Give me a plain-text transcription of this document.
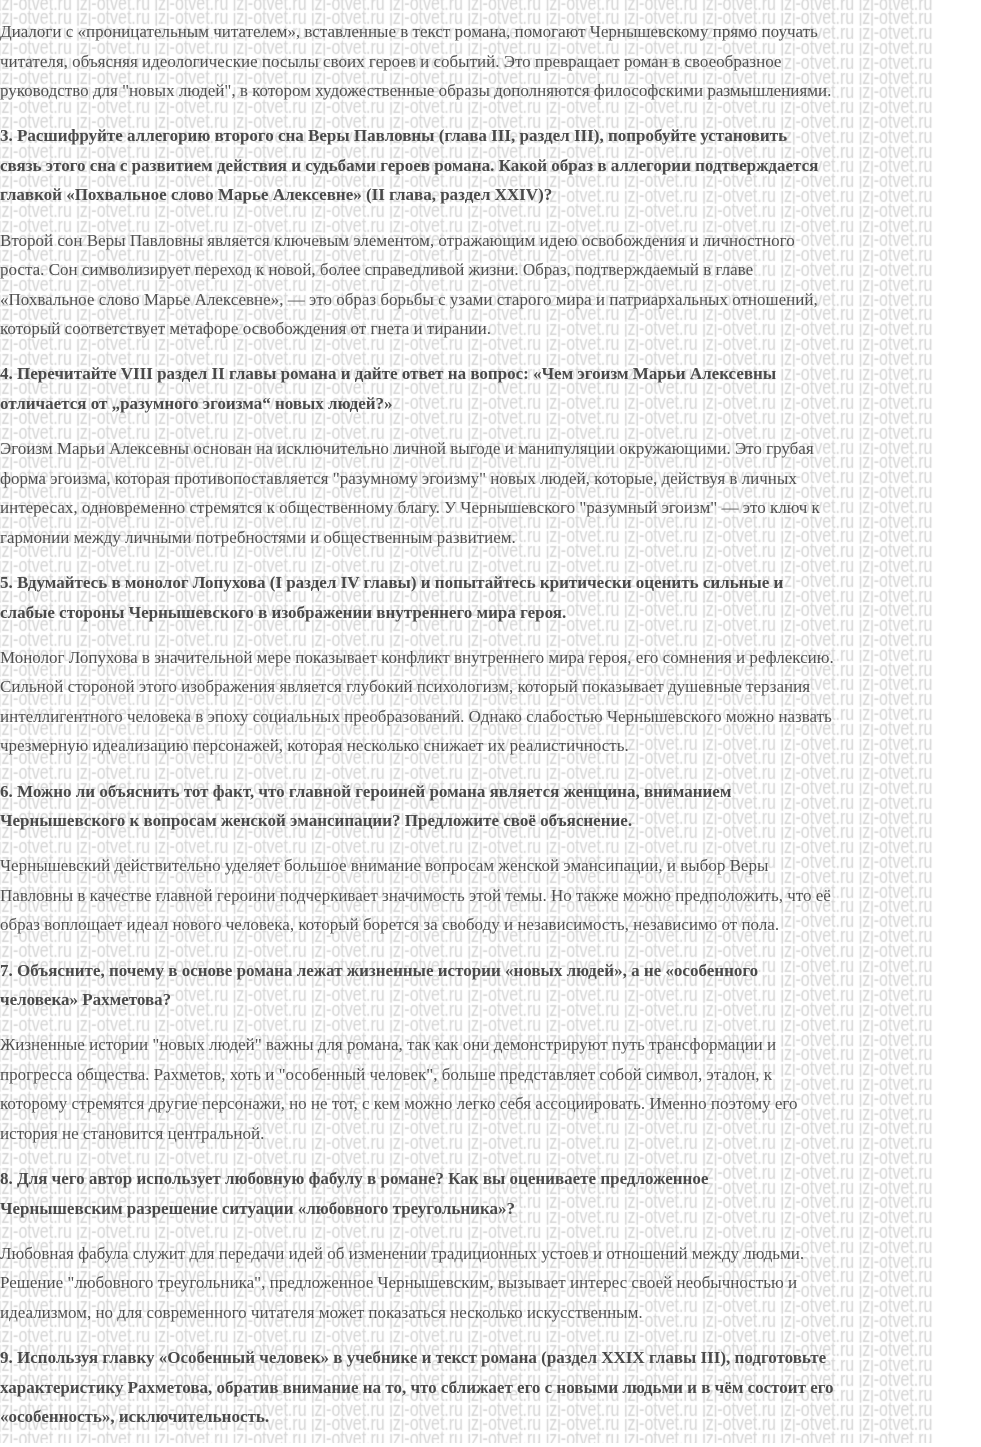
Диалоги с «проницательным читателем», вставленные в текст романа, помогают Чернышевскому прямо поучать
читателя, объясняя идеологические посылы своих героев и событий. Это превращает роман в своеобразное
руководство для "новых людей", в котором художественные образы дополняются философскими размышлениями.
3. Расшифруйте аллегорию второго сна Веры Павловны (глава III, раздел III), попробуйте установить
связь этого сна с развитием действия и судьбами героев романа. Какой образ в аллегории подтверждается
главкой «Похвальное слово Марье Алексевне» (II глава, раздел XXIV)?
Второй сон Веры Павловны является ключевым элементом, отражающим идею освобождения и личностного
роста. Сон символизирует переход к новой, более справедливой жизни. Образ, подтверждаемый в главе
«Похвальное слово Марье Алексевне», — это образ борьбы с узами старого мира и патриархальных отношений,
который соответствует метафоре освобождения от гнета и тирании.
4. Перечитайте VIII раздел II главы романа и дайте ответ на вопрос: «Чем эгоизм Марьи Алексевны
отличается от „разумного эгоизма“ новых людей?»
Эгоизм Марьи Алексевны основан на исключительно личной выгоде и манипуляции окружающими. Это грубая
форма эгоизма, которая противопоставляется "разумному эгоизму" новых людей, которые, действуя в личных
интересах, одновременно стремятся к общественному благу. У Чернышевского "разумный эгоизм" — это ключ к
гармонии между личными потребностями и общественным развитием.
5. Вдумайтесь в монолог Лопухова (I раздел IV главы) и попытайтесь критически оценить сильные и
слабые стороны Чернышевского в изображении внутреннего мира героя.
Монолог Лопухова в значительной мере показывает конфликт внутреннего мира героя, его сомнения и рефлексию.
Сильной стороной этого изображения является глубокий психологизм, который показывает душевные терзания
интеллигентного человека в эпоху социальных преобразований. Однако слабостью Чернышевского можно назвать
чрезмерную идеализацию персонажей, которая несколько снижает их реалистичность.
6. Можно ли объяснить тот факт, что главной героиней романа является женщина, вниманием
Чернышевского к вопросам женской эмансипации? Предложите своё объяснение.
Чернышевский действительно уделяет большое внимание вопросам женской эмансипации, и выбор Веры
Павловны в качестве главной героини подчеркивает значимость этой темы. Но также можно предположить, что её
образ воплощает идеал нового человека, который борется за свободу и независимость, независимо от пола.
7. Объясните, почему в основе романа лежат жизненные истории «новых людей», а не «особенного
человека» Рахметова?
Жизненные истории "новых людей" важны для романа, так как они демонстрируют путь трансформации и
прогресса общества. Рахметов, хоть и "особенный человек", больше представляет собой символ, эталон, к
которому стремятся другие персонажи, но не тот, с кем можно легко себя ассоциировать. Именно поэтому его
история не становится центральной.
8. Для чего автор использует любовную фабулу в романе? Как вы оцениваете предложенное
Чернышевским разрешение ситуации «любовного треугольника»?
Любовная фабула служит для передачи идей об изменении традиционных устоев и отношений между людьми.
Решение "любовного треугольника", предложенное Чернышевским, вызывает интерес своей необычностью и
идеализмом, но для современного читателя может показаться несколько искусственным.
9. Используя главку «Особенный человек» в учебнике и текст романа (раздел XXIX главы III), подготовьте
характеристику Рахметова, обратив внимание на то, что сближает его с новыми людьми и в чём состоит его
«особенность», исключительность.
